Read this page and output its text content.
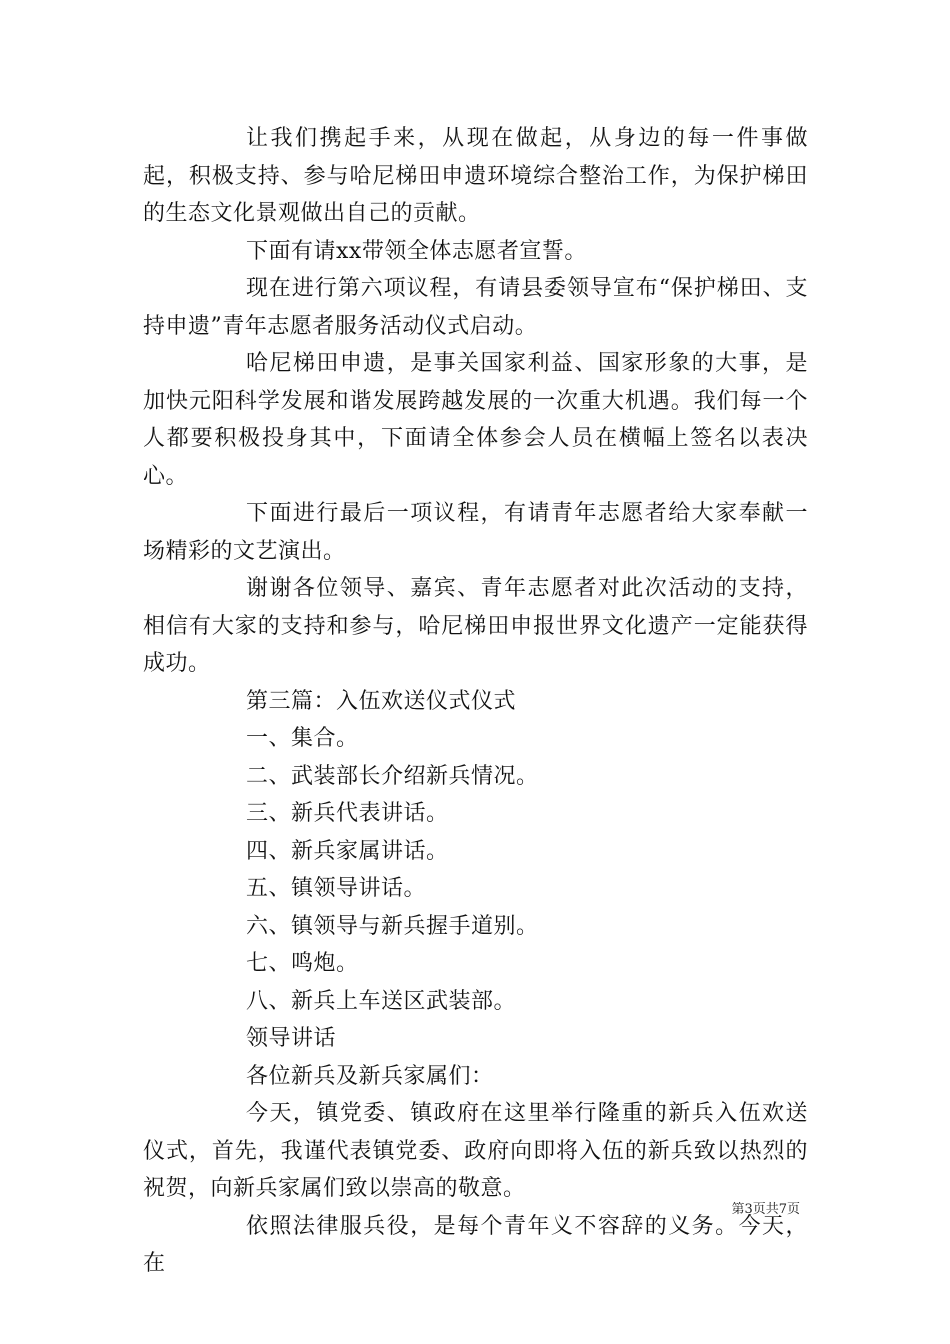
让我们携起手来，从现在做起，从身边的每一件事做起，积极支持、参与哈尼梯田申遗环境综合整治工作，为保护梯田的生态文化景观做出自己的贡献。

下面有请xx带领全体志愿者宣誓。

现在进行第六项议程，有请县委领导宣布“保护梯田、支持申遗”青年志愿者服务活动仪式启动。

哈尼梯田申遗，是事关国家利益、国家形象的大事，是加快元阳科学发展和谐发展跨越发展的一次重大机遇。我们每一个人都要积极投身其中，下面请全体参会人员在横幅上签名以表决心。

下面进行最后一项议程，有请青年志愿者给大家奉献一场精彩的文艺演出。

谢谢各位领导、嘉宾、青年志愿者对此次活动的支持，相信有大家的支持和参与，哈尼梯田申报世界文化遗产一定能获得成功。

第三篇：入伍欢送仪式仪式

一、集合。

二、武装部长介绍新兵情况。

三、新兵代表讲话。

四、新兵家属讲话。

五、镇领导讲话。

六、镇领导与新兵握手道别。

七、鸣炮。

八、新兵上车送区武装部。

领导讲话

各位新兵及新兵家属们：

今天，镇党委、镇政府在这里举行隆重的新兵入伍欢送仪式，首先，我谨代表镇党委、政府向即将入伍的新兵致以热烈的祝贺，向新兵家属们致以崇高的敬意。

依照法律服兵役，是每个青年义不容辞的义务。今天，在

第3页共7页
